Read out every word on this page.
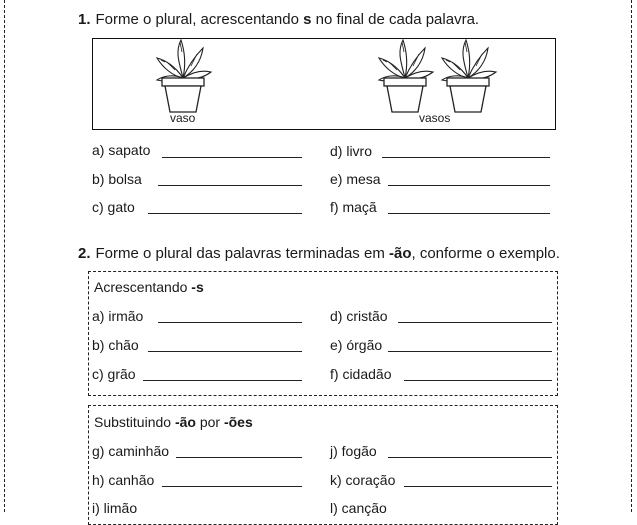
1. Forme o plural, acrescentando s no final de cada palavra.
vaso	vasos
a) sapato
b) bolsa
c) gato
d) livro
e) mesa
f) maçã
2. Forme o plural das palavras terminadas em -ão, conforme o exemplo.
Acrescentando -s
a) irmão
b) chão
c) grão
d) cristão
e) órgão
f) cidadão
Substituindo -ão por -ões
g) caminhão
h) canhão
i) limão
j) fogão
k) coração
l) canção
